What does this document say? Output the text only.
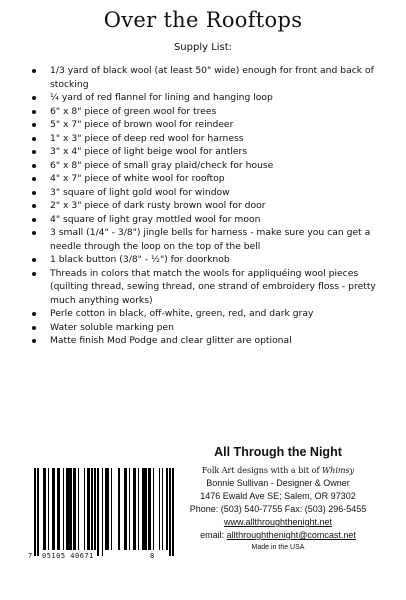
Over the Rooftops
Supply List:
1/3 yard of black wool (at least 50" wide) enough for front and back of stocking
¼ yard of red flannel for lining and hanging loop
6" x 8" piece of green wool for trees
5" x 7" piece of brown wool for reindeer
1" x 3" piece of deep red wool for harness
3" x 4" piece of light beige wool for antlers
6" x 8" piece of small gray plaid/check for house
4" x 7" piece of white wool for rooftop
3" square of light gold wool for window
2" x 3" piece of dark rusty brown wool for door
4" square of light gray mottled wool for moon
3 small (1/4" - 3/8") jingle bells for harness - make sure you can get a needle through the loop on the top of the bell
1 black button (3/8" - ½") for doorknob
Threads in colors that match the wools for appliquéing wool pieces (quilting thread, sewing thread, one strand of embroidery floss - pretty much anything works)
Perle cotton in black, off-white, green, red, and dark gray
Water soluble marking pen
Matte finish Mod Podge and clear glitter are optional
7 05105 40671	8
All Through the Night
Folk Art designs with a bit of Whimsy
Bonnie Sullivan - Designer & Owner
1476 Ewald Ave SE; Salem, OR 97302
Phone: (503) 540-7755 Fax: (503) 296-5455
www.allthroughthenight.net
email: allthroughthenight@comcast.net
Made in the USA
